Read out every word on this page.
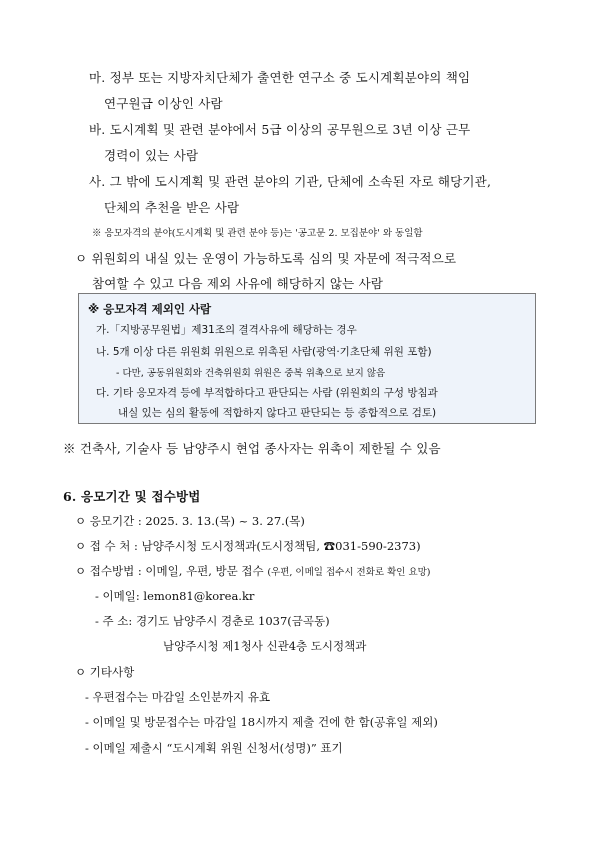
마. 정부 또는 지방자치단체가 출연한 연구소 중 도시계획분야의 책임
연구원급 이상인 사람
바. 도시계획 및 관련 분야에서 5급 이상의 공무원으로 3년 이상 근무
경력이 있는 사람
사. 그 밖에 도시계획 및 관련 분야의 기관, 단체에 소속된 자로 해당기관,
단체의 추천을 받은 사람
※ 응모자격의 분야(도시계획 및 관련 분야 등)는 '공고문 2. 모집분야' 와 동일함
ㅇ 위원회의 내실 있는 운영이 가능하도록 심의 및 자문에 적극적으로
참여할 수 있고 다음 제외 사유에 해당하지 않는 사람
※ 응모자격 제외인 사람
가.「지방공무원법」제31조의 결격사유에 해당하는 경우
나. 5개 이상 다른 위원회 위원으로 위촉된 사람(광역·기초단체 위원 포함)
- 다만, 공동위원회와 건축위원회 위원은 중복 위촉으로 보지 않음
다. 기타 응모자격 등에 부적합하다고 판단되는 사람 (위원회의 구성 방침과
내실 있는 심의 활동에 적합하지 않다고 판단되는 등 종합적으로 검토)
※ 건축사, 기술사 등 남양주시 현업 종사자는 위촉이 제한될 수 있음
6. 응모기간 및 접수방법
ㅇ 응모기간 : 2025. 3. 13.(목) ~ 3. 27.(목)
ㅇ 접 수 처 : 남양주시청 도시정책과(도시정책팀, ☎031-590-2373)
ㅇ 접수방법 : 이메일, 우편, 방문 접수 (우편, 이메일 접수시 전화로 확인 요망)
- 이메일: lemon81@korea.kr
- 주 소: 경기도 남양주시 경춘로 1037(금곡동)
남양주시청 제1청사 신관4층 도시정책과
ㅇ 기타사항
- 우편접수는 마감일 소인분까지 유효
- 이메일 및 방문접수는 마감일 18시까지 제출 건에 한 함(공휴일 제외)
- 이메일 제출시 “도시계획 위원 신청서(성명)” 표기
